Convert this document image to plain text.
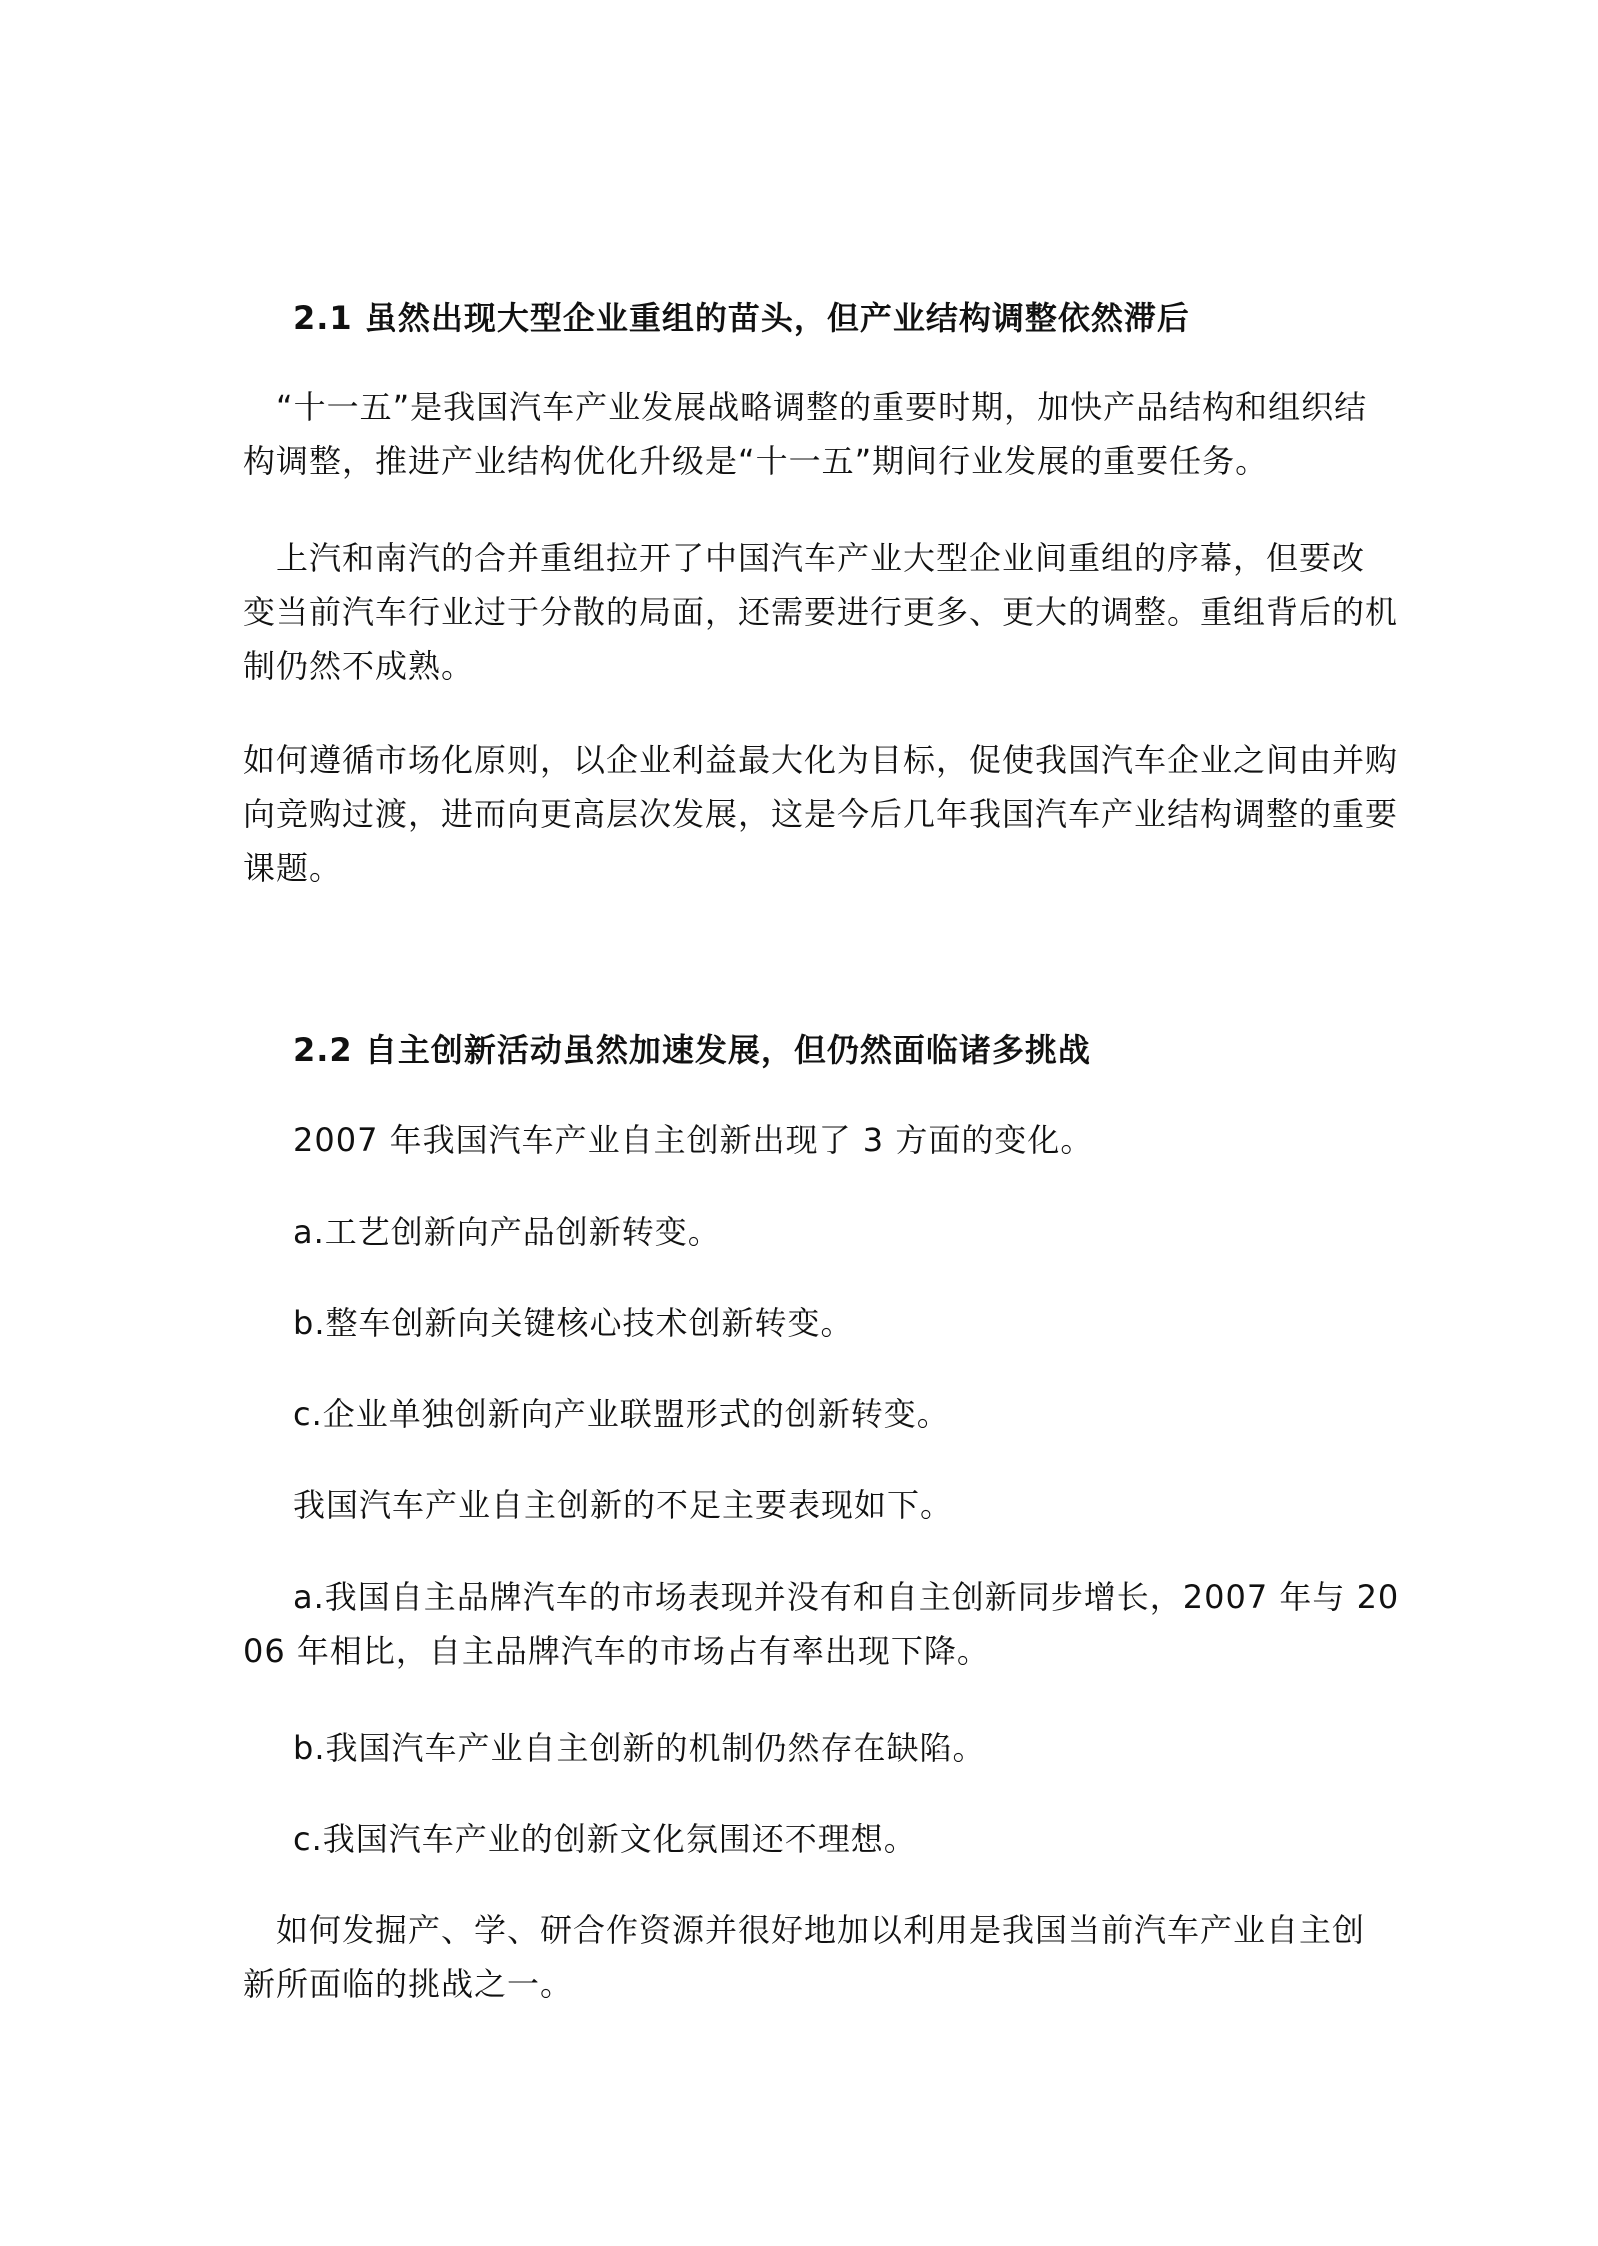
2.1 虽然出现大型企业重组的苗头，但产业结构调整依然滞后

　“十一五”是我国汽车产业发展战略调整的重要时期，加快产品结构和组织结
构调整，推进产业结构优化升级是“十一五”期间行业发展的重要任务。

　上汽和南汽的合并重组拉开了中国汽车产业大型企业间重组的序幕，但要改
变当前汽车行业过于分散的局面，还需要进行更多、更大的调整。重组背后的机
制仍然不成熟。

如何遵循市场化原则，以企业利益最大化为目标，促使我国汽车企业之间由并购
向竞购过渡，进而向更高层次发展，这是今后几年我国汽车产业结构调整的重要
课题。

2.2 自主创新活动虽然加速发展，但仍然面临诸多挑战

2007 年我国汽车产业自主创新出现了 3 方面的变化。

a.工艺创新向产品创新转变。

b.整车创新向关键核心技术创新转变。

c.企业单独创新向产业联盟形式的创新转变。

我国汽车产业自主创新的不足主要表现如下。

a.我国自主品牌汽车的市场表现并没有和自主创新同步增长，2007 年与 20
06 年相比，自主品牌汽车的市场占有率出现下降。

b.我国汽车产业自主创新的机制仍然存在缺陷。

c.我国汽车产业的创新文化氛围还不理想。

　如何发掘产、学、研合作资源并很好地加以利用是我国当前汽车产业自主创
新所面临的挑战之一。
